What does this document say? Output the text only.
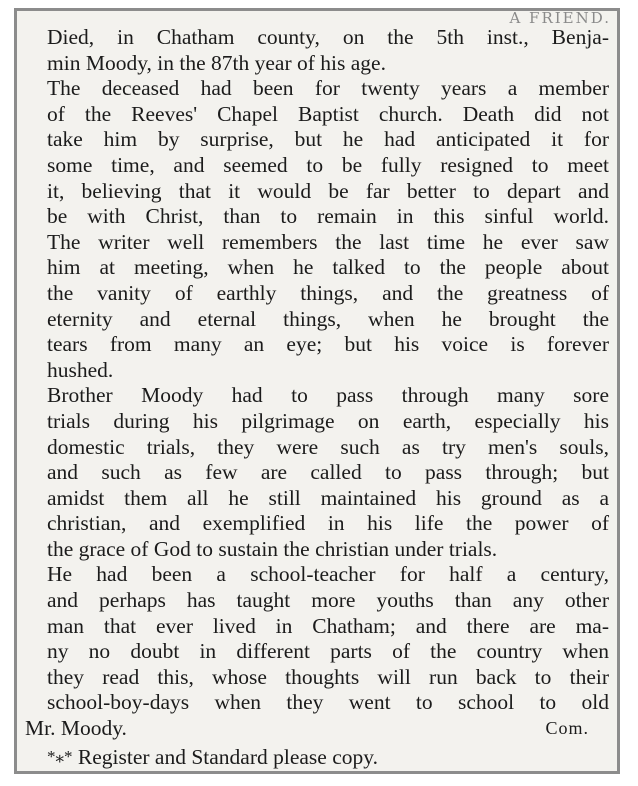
A FRIEND.

Died, in Chatham county, on the 5th inst., Benja-
min Moody, in the 87th year of his age.

The deceased had been for twenty years a member
of the Reeves' Chapel Baptist church. Death did not
take him by surprise, but he had anticipated it for
some time, and seemed to be fully resigned to meet
it, believing that it would be far better to depart and
be with Christ, than to remain in this sinful world.
The writer well remembers the last time he ever saw
him at meeting, when he talked to the people about
the vanity of earthly things, and the greatness of
eternity and eternal things, when he brought the
tears from many an eye; but his voice is forever
hushed.

Brother Moody had to pass through many sore
trials during his pilgrimage on earth, especially his
domestic trials, they were such as try men's souls,
and such as few are called to pass through; but
amidst them all he still maintained his ground as a
christian, and exemplified in his life the power of
the grace of God to sustain the christian under trials.

He had been a school-teacher for half a century,
and perhaps has taught more youths than any other
man that ever lived in Chatham; and there are ma-
ny no doubt in different parts of the country when
they read this, whose thoughts will run back to their
school-boy-days when they went to school to old

Mr. Moody.	Com.
*⁎* Register and Standard please copy.
